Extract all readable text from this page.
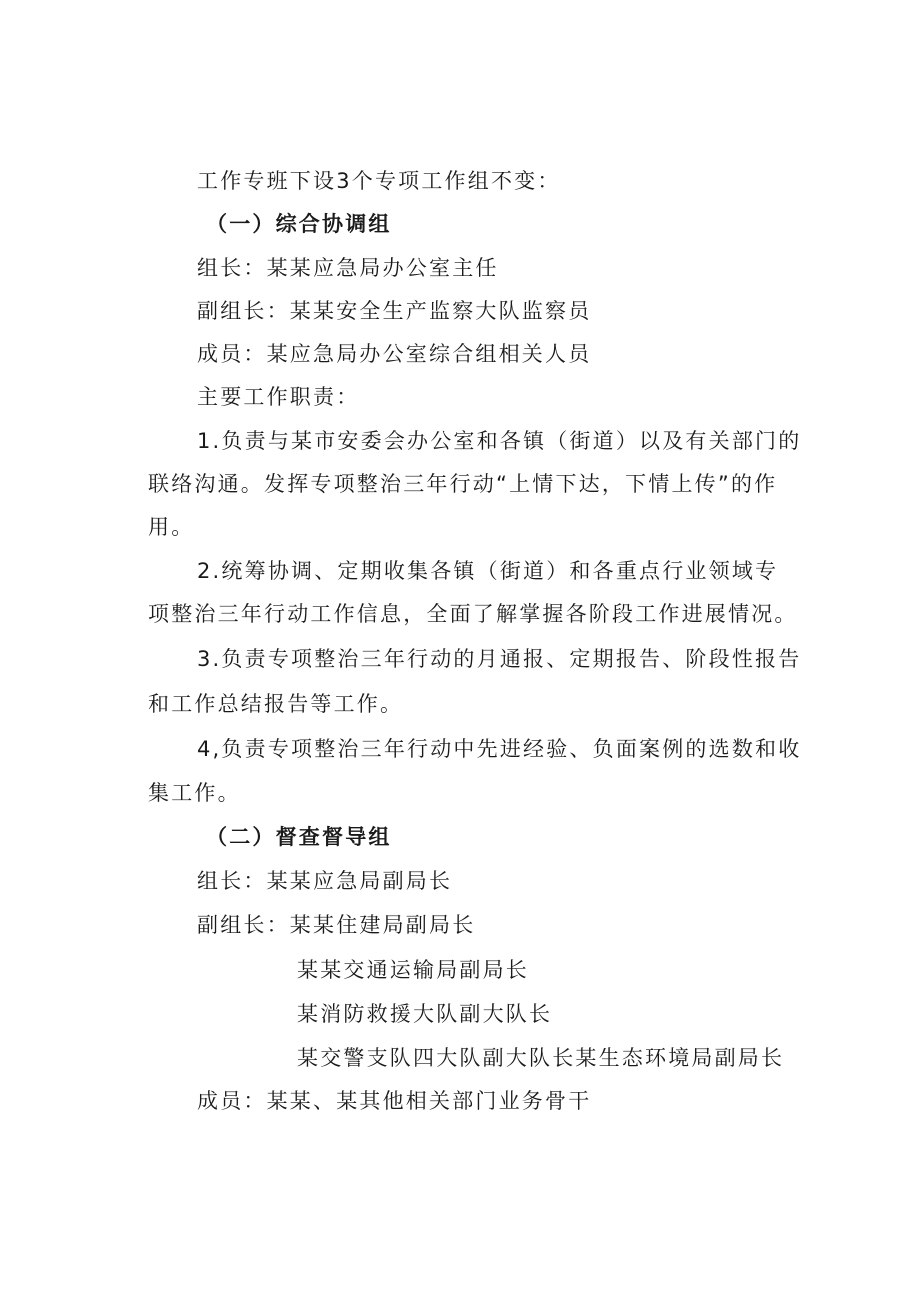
工作专班下设3个专项工作组不变：
（一）综合协调组
组长：某某应急局办公室主任
副组长：某某安全生产监察大队监察员
成员：某应急局办公室综合组相关人员
主要工作职责：
1.负责与某市安委会办公室和各镇（街道）以及有关部门的
联络沟通。发挥专项整治三年行动“上情下达，下情上传”的作
用。
2.统筹协调、定期收集各镇（街道）和各重点行业领域专
项整治三年行动工作信息，全面了解掌握各阶段工作进展情况。
3.负责专项整治三年行动的月通报、定期报告、阶段性报告
和工作总结报告等工作。
4,负责专项整治三年行动中先进经验、负面案例的选数和收
集工作。
（二）督查督导组
组长：某某应急局副局长
副组长：某某住建局副局长
某某交通运输局副局长
某消防救援大队副大队长
某交警支队四大队副大队长某生态环境局副局长
成员：某某、某其他相关部门业务骨干
